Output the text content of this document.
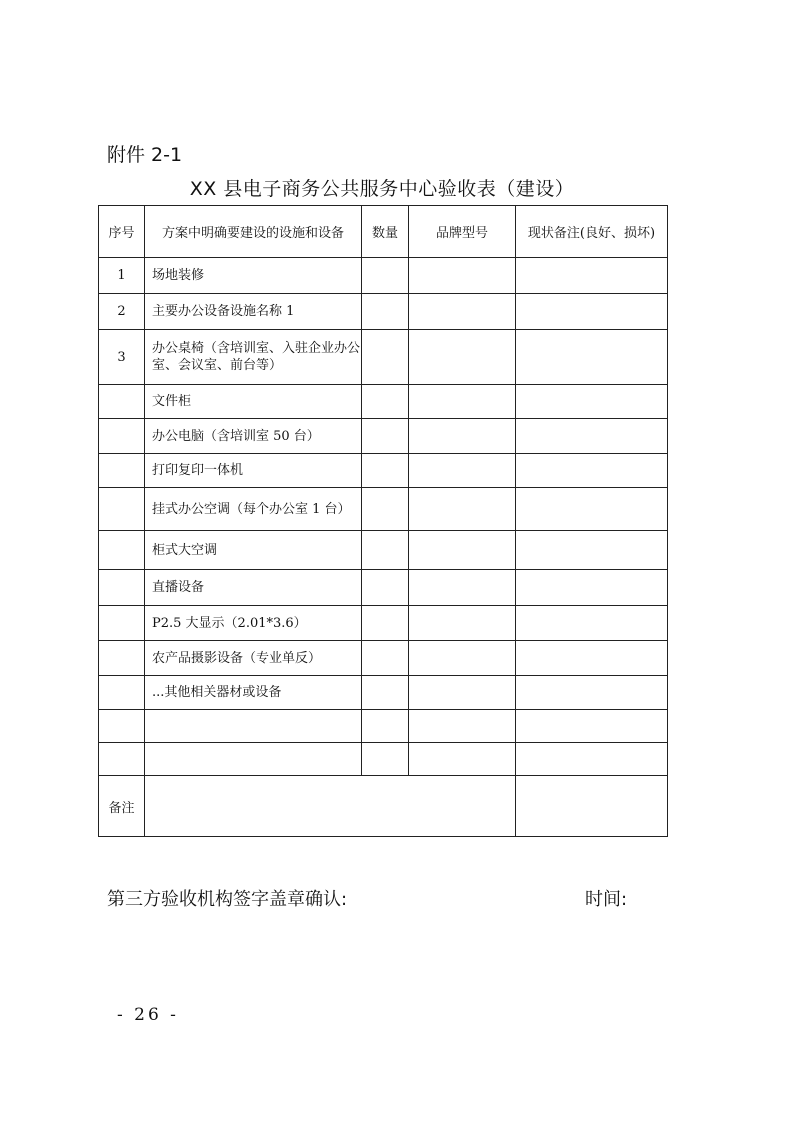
附件 2-1
XX 县电子商务公共服务中心验收表（建设）
序号	方案中明确要建设的设施和设备	数量	品牌型号	现状备注(良好、损坏)
1	场地装修			
2	主要办公设备设施名称 1			
3	办公桌椅（含培训室、入驻企业办公室、会议室、前台等）			
	文件柜			
	办公电脑（含培训室 50 台）			
	打印复印一体机			
	挂式办公空调（每个办公室 1 台）			
	柜式大空调			
	直播设备			
	P2.5 大显示（2.01*3.6）			
	农产品摄影设备（专业单反）			
	...其他相关器材或设备			

备注				
第三方验收机构签字盖章确认:	时间:
- 26 -
